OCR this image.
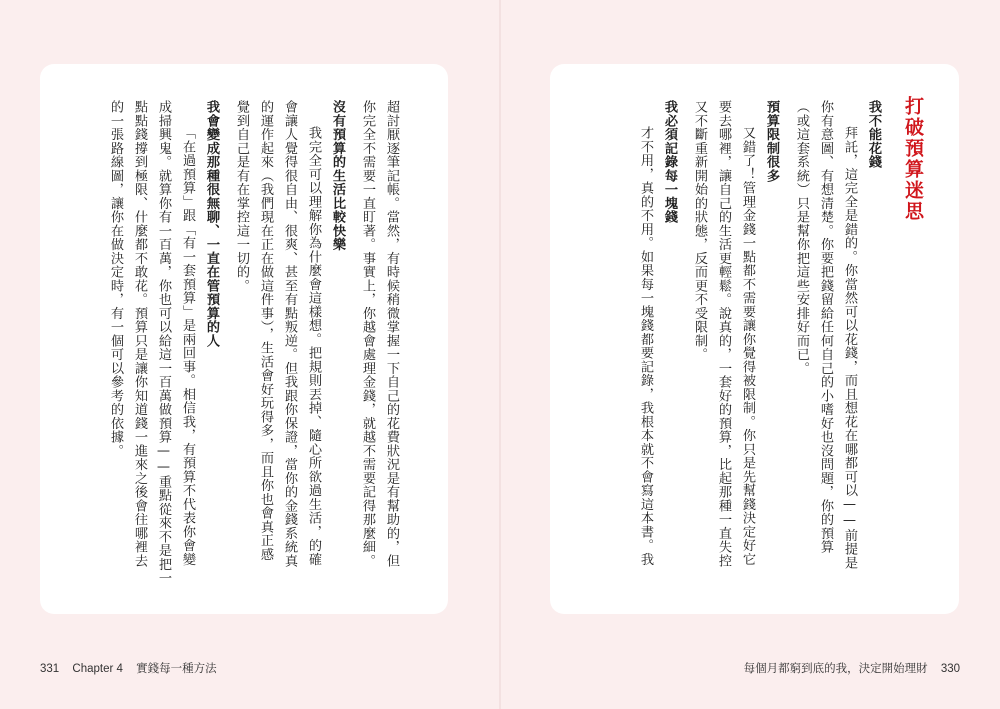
超討厭逐筆記帳。當然，有時候稍微掌握一下自己的花費狀況是有幫助的，但
你完全不需要一直盯著。事實上，你越會處理金錢，就越不需要記得那麼細。
沒有預算的生活比較快樂
我完全可以理解你為什麼會這樣想。把規則丟掉、隨心所欲過生活，的確
會讓人覺得很自由、很爽、甚至有點叛逆。但我跟你保證，當你的金錢系統真
的運作起來（我們現在正在做這件事），生活會好玩得多，而且你也會真正感
覺到自己是有在掌控這一切的。
我會變成那種很無聊、一直在管預算的人
「在過預算」跟「有一套預算」是兩回事。相信我，有預算不代表你會變
成掃興鬼。就算你有一百萬，你也可以給這一百萬做預算——重點從來不是把一
點點錢撐到極限、什麼都不敢花。預算只是讓你知道錢一進來之後會往哪裡去
的一張路線圖，讓你在做決定時，有一個可以參考的依據。	打破預算迷思
我不能花錢
拜託，這完全是錯的。你當然可以花錢，而且想花在哪都可以——前提是
你有意圖、有想清楚。你要把錢留給任何自己的小嗜好也沒問題，你的預算
（或這套系統）只是幫你把這些安排好而已。
預算限制很多
又錯了！管理金錢一點都不需要讓你覺得被限制。你只是先幫錢決定好它
要去哪裡，讓自己的生活更輕鬆。說真的，一套好的預算，比起那種一直失控
又不斷重新開始的狀態，反而更不受限制。
我必須記錄每一塊錢
才不用，真的不用。如果每一塊錢都要記錄，我根本就不會寫這本書。我
331 Chapter 4 實錢每一種方法	每個月都窮到底的我，決定開始理財 330
